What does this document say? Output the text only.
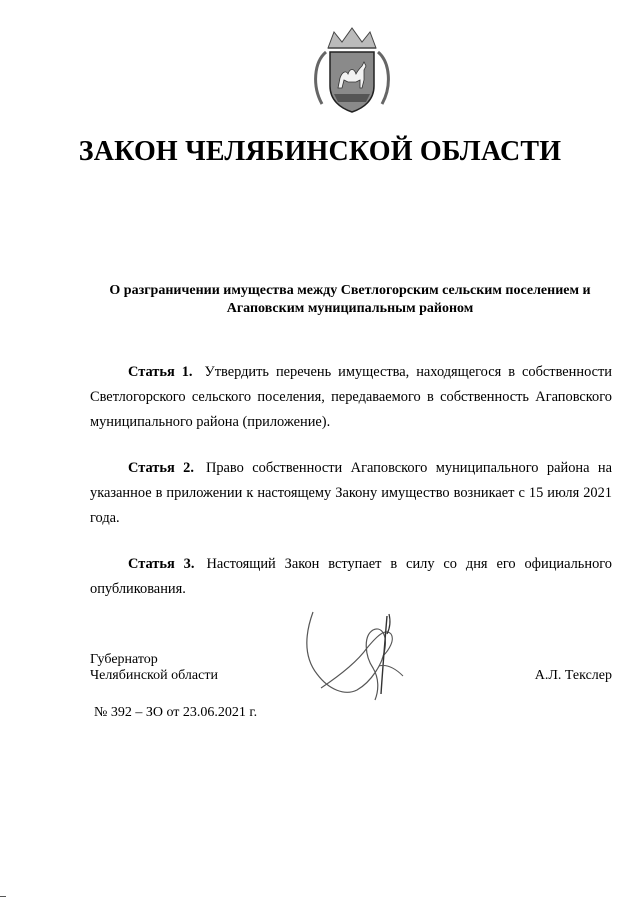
ЗАКОН ЧЕЛЯБИНСКОЙ ОБЛАСТИ
О разграничении имущества между Светлогорским сельским поселением и
Агаповским муниципальным районом

Статья 1. Утвердить перечень имущества, находящегося в собственности Светлогорского сельского поселения, передаваемого в собственность Агаповского муниципального района (приложение).

Статья 2. Право собственности Агаповского муниципального района на указанное в приложении к настоящему Закону имущество возникает с 15 июля 2021 года.

Статья 3. Настоящий Закон вступает в силу со дня его официального опубликования.

Губернатор
Челябинской области	А.Л. Текслер
№ 392 – ЗО от 23.06.2021 г.
